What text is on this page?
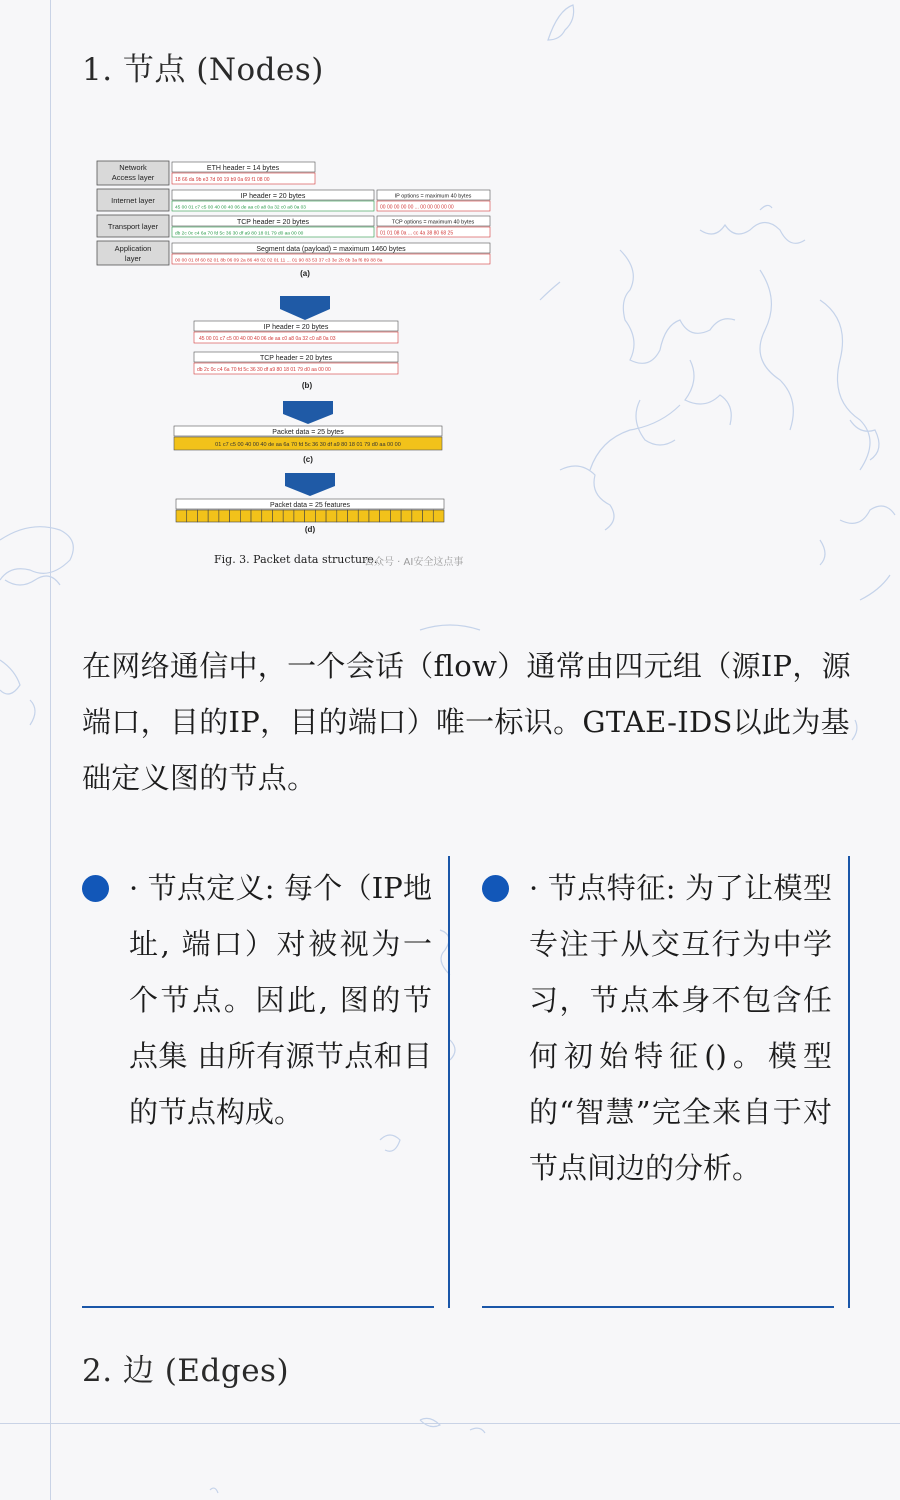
1. 节点 (Nodes)
Network
Access layer
Internet layer
Transport layer
Application
layer
ETH header = 14 bytes
18 66 da 9b e3 7d 00 19 b9 0a 69 f1 08 00
IP header = 20 bytes
45 00 01 c7 c5 00 40 00 40 06 de aa c0 a8 0a 32 c0 a8 0a 03
IP options = maximum 40 bytes
00 00 00 00 00 ... 00 00 00 00 00
TCP header = 20 bytes
db 2c 0c c4 6a 70 fd 5c 36 30 df a9 80 18 01 79 d0 aa 00 00
TCP options = maximum 40 bytes
01 01 08 0a ... cc 4a 38 80 68 25
Segment data (payload) = maximum 1460 bytes
00 00 01 8f 60 82 01 8b 06 09 2a 86 48 02 02 01 11 ... 01 90 83 53 37 c3 3e 2b 6b 3a f6 89 88 8a
(a)
IP header = 20 bytes
45 00 01 c7 c5 00 40 00 40 06 de aa c0 a8 0a 32 c0 a8 0a 03
TCP header = 20 bytes
db 2c 0c c4 6a 70 fd 5c 36 30 df a9 80 18 01 79 d0 aa 00 00
(b)
Packet data = 25 bytes
01 c7 c5 00 40 00 40 de aa 6a 70 fd 5c 36 30 df a9 80 18 01 79 d0 aa 00 00
(c)
Packet data = 25 features
(d)
Fig. 3. Packet data structure.
公众号 · AI安全这点事
在网络通信中，一个会话（flow）通常由四元组（源IP，源端口，目的IP，目的端口）唯一标识。GTAE-IDS以此为基础定义图的节点。
· 节点定义: 每个（IP地址, 端口）对被视为一个节点。因此, 图的节点集 由所有源节点和目的节点构成。
· 节点特征: 为了让模型专注于从交互行为中学习，节点本身不包含任何初始特征()。模型的“智慧”完全来自于对节点间边的分析。
2. 边 (Edges)
